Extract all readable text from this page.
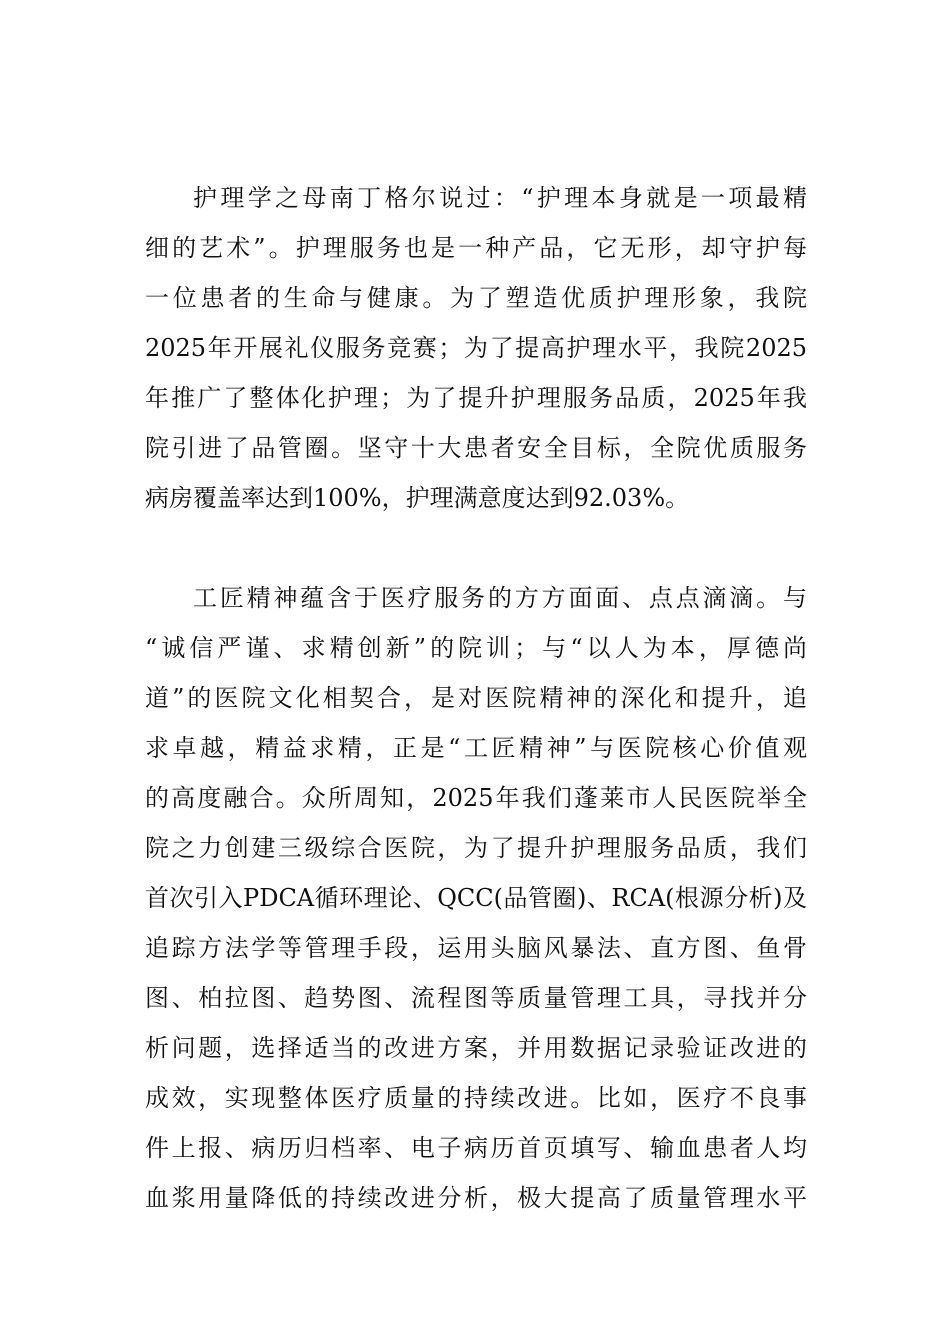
护理学之母南丁格尔说过：“护理本身就是一项最精
细的艺术”。护理服务也是一种产品，它无形，却守护每
一位患者的生命与健康。为了塑造优质护理形象，我院
2025年开展礼仪服务竞赛；为了提高护理水平，我院2025
年推广了整体化护理；为了提升护理服务品质，2025年我
院引进了品管圈。坚守十大患者安全目标，全院优质服务
病房覆盖率达到100%，护理满意度达到92.03%。
工匠精神蕴含于医疗服务的方方面面、点点滴滴。与
“诚信严谨、求精创新”的院训；与“以人为本，厚德尚
道”的医院文化相契合，是对医院精神的深化和提升，追
求卓越，精益求精，正是“工匠精神”与医院核心价值观
的高度融合。众所周知，2025年我们蓬莱市人民医院举全
院之力创建三级综合医院，为了提升护理服务品质，我们
首次引入PDCA循环理论、QCC(品管圈)、RCA(根源分析)及
追踪方法学等管理手段，运用头脑风暴法、直方图、鱼骨
图、柏拉图、趋势图、流程图等质量管理工具，寻找并分
析问题，选择适当的改进方案，并用数据记录验证改进的
成效，实现整体医疗质量的持续改进。比如，医疗不良事
件上报、病历归档率、电子病历首页填写、输血患者人均
血浆用量降低的持续改进分析，极大提高了质量管理水平
